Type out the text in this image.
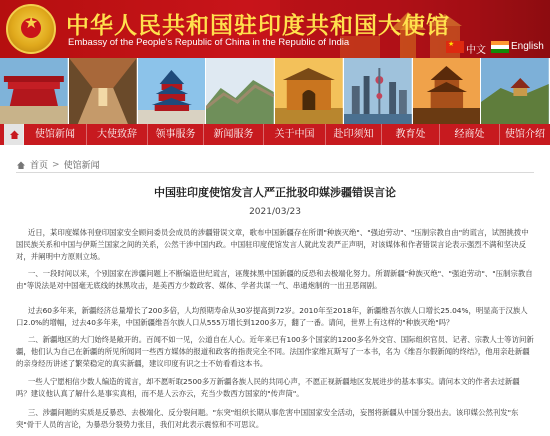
★ 中华人民共和国驻印度共和国大使馆
Embassy of the People's Republic of China in the Republic of India	★
中文	English
使馆新闻	大使致辞	领事服务	新闻服务	关于中国	赴印须知	教育处	经商处	使馆介绍
首页 > 使馆新闻
中国驻印度使馆发言人严正批驳印媒涉疆错误言论
2021/03/23

近日，某印度媒体刊登印国家安全顾问委员会成员的涉疆错误文章，歌布中国新疆存在所谓"种族灭绝"、"强迫劳动"、"压制宗教自由"的谎言，试图挑拨中国民族关系和中国与伊斯兰国家之间的关系，公然干涉中国内政。中国驻印度使馆发言人就此发表严正声明，对该媒体和作者错误言论表示强烈不满和坚决反对，并阐明中方原则立场。

一、一段时间以来，个别国家在涉疆问题上不断编造世纪谎言，诬蔑抹黑中国新疆的反恐和去极端化努力。所谓新疆"种族灭绝"、"强迫劳动"、"压制宗教自由"等说法是对中国毫无底线的抹黑攻击，是美西方少数政客、媒体、学者共谋一气、串通炮制的一出丑恶闹剧。

过去60多年来，新疆经济总量增长了200多倍，人均预期寿命从30岁提高到72岁。2010年至2018年，新疆维吾尔族人口增长25.04%，明显高于汉族人口2.0%的增幅，过去40多年来，中国新疆维吾尔族人口从555万增长到1200多万，翻了一番。请问，世界上有这样的"种族灭绝"吗？

二、新疆地区的大门始终是敞开的。百闻不如一见，公道自在人心。近年来已有100多个国家的1200多名外交官、国际组织官员、记者、宗教人士等访问新疆，他们认为自己在新疆的所见所闻同一些西方媒体的报道和政客的指责完全不同。法国作家维瓦斯写了一本书，名为《维吾尔假新闻的终结》，他用亲赴新疆的亲身经历讲述了繁荣稳定的真实新疆，建议印度有识之士不妨看看这本书。

一些人宁愿相信少数人编造的谎言，却不愿听取2500多万新疆各族人民的共同心声，不愿正视新疆地区发展进步的基本事实。请问本文的作者去过新疆吗？建议他认真了解什么是事实真相，而不是人云亦云，充当少数西方国家的"传声筒"。

三、涉疆问题的实质是反暴恐、去极端化、反分裂问题。"东突"组织长期从事危害中国国家安全活动，妄图将新疆从中国分裂出去。该印媒公然刊发"东突"骨干人员的言论，为暴恐分裂势力张目，我们对此表示震惊和不可思议。
